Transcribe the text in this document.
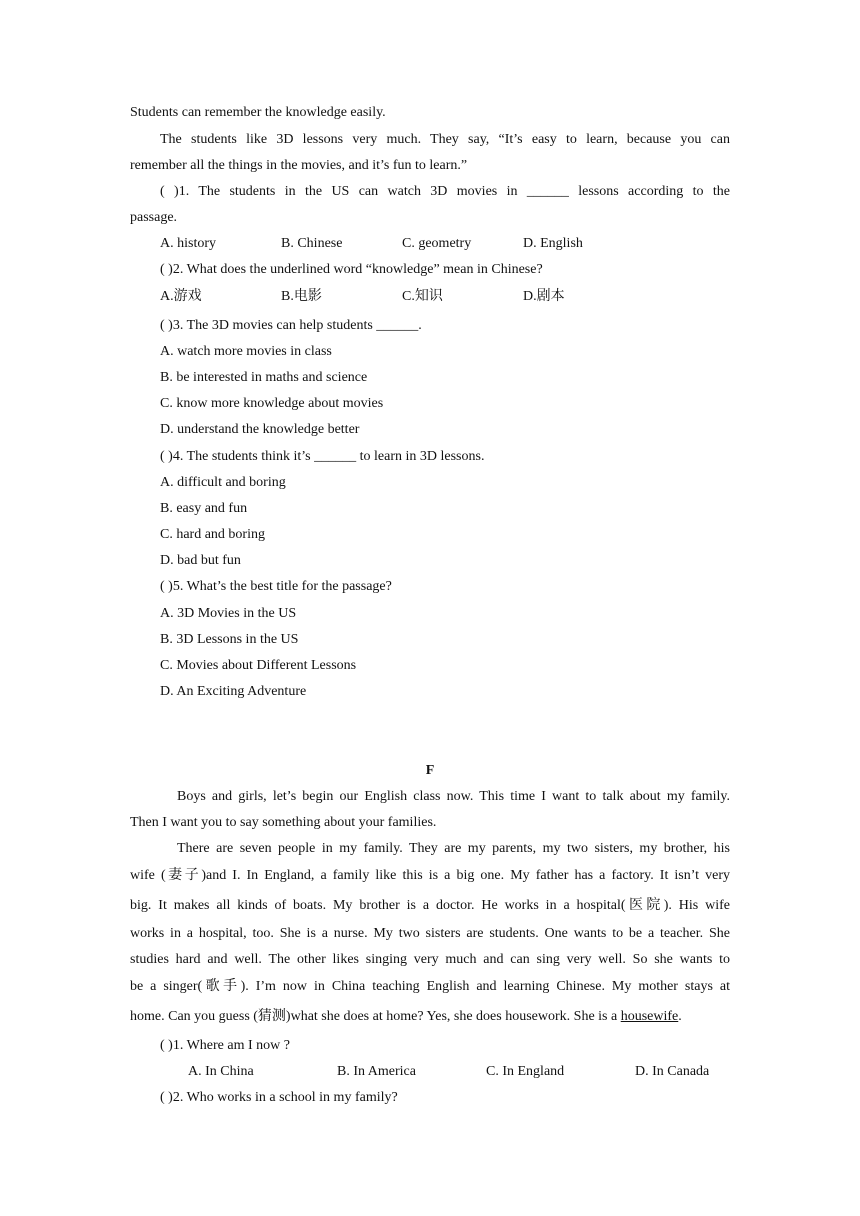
Students can remember the knowledge easily.
The students like 3D lessons very much. They say, “It’s easy to learn, because you can
remember all the things in the movies, and it’s fun to learn.”
( )1. The students in the US can watch 3D movies in ______ lessons according to the
passage.
A. history	B. Chinese	C. geometry	D. English
( )2. What does the underlined word “knowledge” mean in Chinese?
A.游戏	B.电影	C.知识	D.剧本
( )3. The 3D movies can help students ______.
A. watch more movies in class
B. be interested in maths and science
C. know more knowledge about movies
D. understand the knowledge better
( )4. The students think it’s ______ to learn in 3D lessons.
A. difficult and boring
B. easy and fun
C. hard and boring
D. bad but fun
( )5. What’s the best title for the passage?
A. 3D Movies in the US
B. 3D Lessons in the US
C. Movies about Different Lessons
D. An Exciting Adventure
F
Boys and girls, let’s begin our English class now. This time I want to talk about my family.
Then I want you to say something about your families.
There are seven people in my family. They are my parents, my two sisters, my brother, his
wife (妻子)and I. In England, a family like this is a big one. My father has a factory. It isn’t very
big. It makes all kinds of boats. My brother is a doctor. He works in a hospital(医院). His wife
works in a hospital, too. She is a nurse. My two sisters are students. One wants to be a teacher. She
studies hard and well. The other likes singing very much and can sing very well. So she wants to
be a singer(歌手). I’m now in China teaching English and learning Chinese. My mother stays at
home. Can you guess (猜测)what she does at home? Yes, she does housework. She is a housewife.
( )1. Where am I now ?
A. In China	B. In America	C. In England	D. In Canada
( )2. Who works in a school in my family?
